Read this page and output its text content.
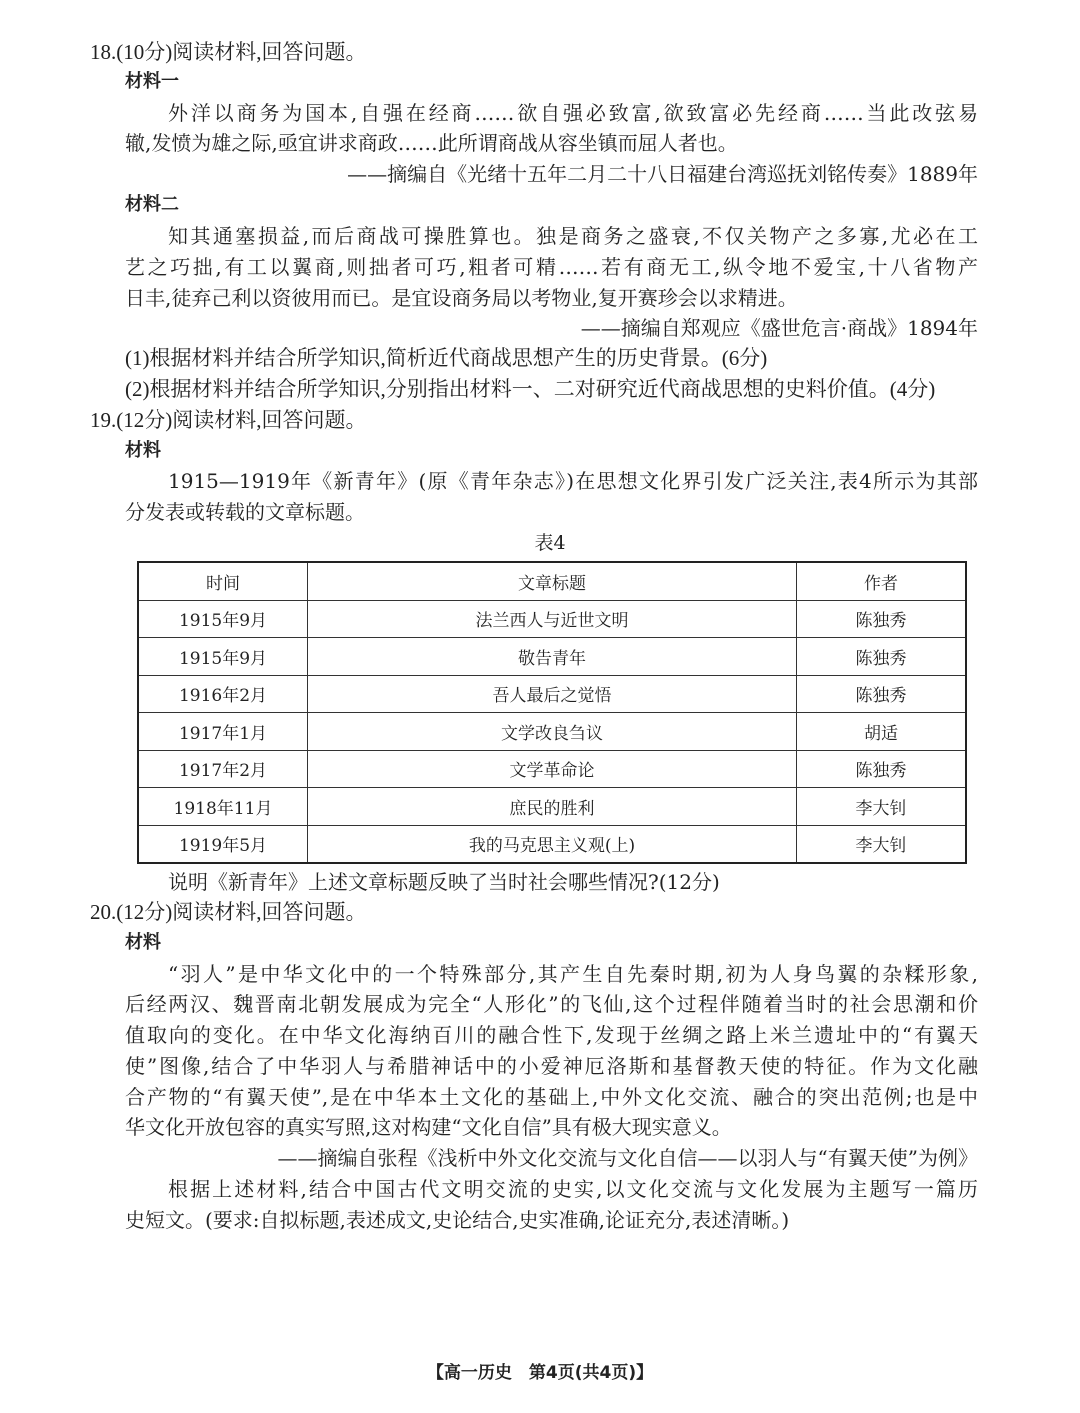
18.(10分)阅读材料,回答问题。
材料一
外洋以商务为国本,自强在经商……欲自强必致富,欲致富必先经商……当此改弦易
辙,发愤为雄之际,亟宜讲求商政……此所谓商战从容坐镇而屈人者也。
——摘编自《光绪十五年二月二十八日福建台湾巡抚刘铭传奏》1889年
材料二
知其通塞损益,而后商战可操胜算也。独是商务之盛衰,不仅关物产之多寡,尤必在工
艺之巧拙,有工以翼商,则拙者可巧,粗者可精……若有商无工,纵令地不爱宝,十八省物产
日丰,徒弃己利以资彼用而已。是宜设商务局以考物业,复开赛珍会以求精进。
——摘编自郑观应《盛世危言·商战》1894年
(1)根据材料并结合所学知识,简析近代商战思想产生的历史背景。(6分)
(2)根据材料并结合所学知识,分别指出材料一、二对研究近代商战思想的史料价值。(4分)
19.(12分)阅读材料,回答问题。
材料
1915—1919年《新青年》(原《青年杂志》)在思想文化界引发广泛关注,表4所示为其部
分发表或转载的文章标题。
表4
时间	文章标题	作者
1915年9月	法兰西人与近世文明	陈独秀
1915年9月	敬告青年	陈独秀
1916年2月	吾人最后之觉悟	陈独秀
1917年1月	文学改良刍议	胡适
1917年2月	文学革命论	陈独秀
1918年11月	庶民的胜利	李大钊
1919年5月	我的马克思主义观(上)	李大钊
说明《新青年》上述文章标题反映了当时社会哪些情况?(12分)
20.(12分)阅读材料,回答问题。
材料
“羽人”是中华文化中的一个特殊部分,其产生自先秦时期,初为人身鸟翼的杂糅形象,
后经两汉、魏晋南北朝发展成为完全“人形化”的飞仙,这个过程伴随着当时的社会思潮和价
值取向的变化。在中华文化海纳百川的融合性下,发现于丝绸之路上米兰遗址中的“有翼天
使”图像,结合了中华羽人与希腊神话中的小爱神厄洛斯和基督教天使的特征。作为文化融
合产物的“有翼天使”,是在中华本土文化的基础上,中外文化交流、融合的突出范例;也是中
华文化开放包容的真实写照,这对构建“文化自信”具有极大现实意义。
——摘编自张程《浅析中外文化交流与文化自信——以羽人与“有翼天使”为例》
根据上述材料,结合中国古代文明交流的史实,以文化交流与文化发展为主题写一篇历
史短文。(要求:自拟标题,表述成文,史论结合,史实准确,论证充分,表述清晰。)
【高一历史　第4页(共4页)】
